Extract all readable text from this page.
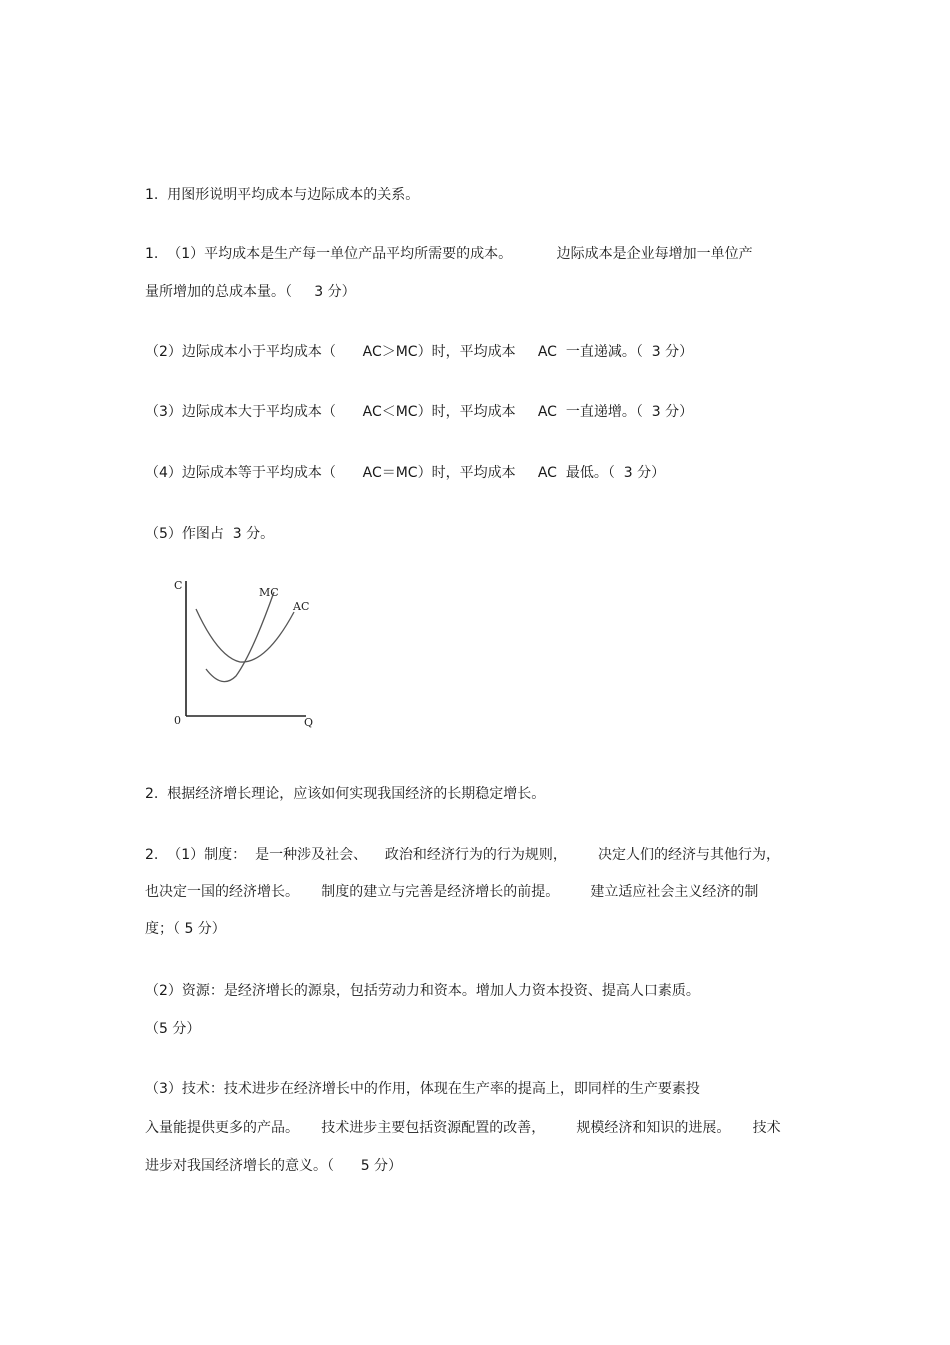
1.  用图形说明平均成本与边际成本的关系。
1.  （1）平均成本是生产每一单位产品平均所需要的成本。          边际成本是企业每增加一单位产
量所增加的总成本量。（     3 分）
（2）边际成本小于平均成本（      AC＞MC）时，平均成本     AC  一直递减。（  3 分）
（3）边际成本大于平均成本（      AC＜MC）时，平均成本     AC  一直递增。（  3 分）
（4）边际成本等于平均成本（      AC＝MC）时，平均成本     AC  最低。（  3 分）
（5）作图占  3 分。
C
0	Q
MC
AC
2.  根据经济增长理论，应该如何实现我国经济的长期稳定增长。
2.  （1）制度：  是一种涉及社会、    政治和经济行为的行为规则，       决定人们的经济与其他行为，
也决定一国的经济增长。     制度的建立与完善是经济增长的前提。       建立适应社会主义经济的制
度；（ 5 分）
（2）资源：是经济增长的源泉，包括劳动力和资本。增加人力资本投资、提高人口素质。
（5 分）
（3）技术：技术进步在经济增长中的作用，体现在生产率的提高上，即同样的生产要素投
入量能提供更多的产品。     技术进步主要包括资源配置的改善，       规模经济和知识的进展。     技术
进步对我国经济增长的意义。（      5 分）
